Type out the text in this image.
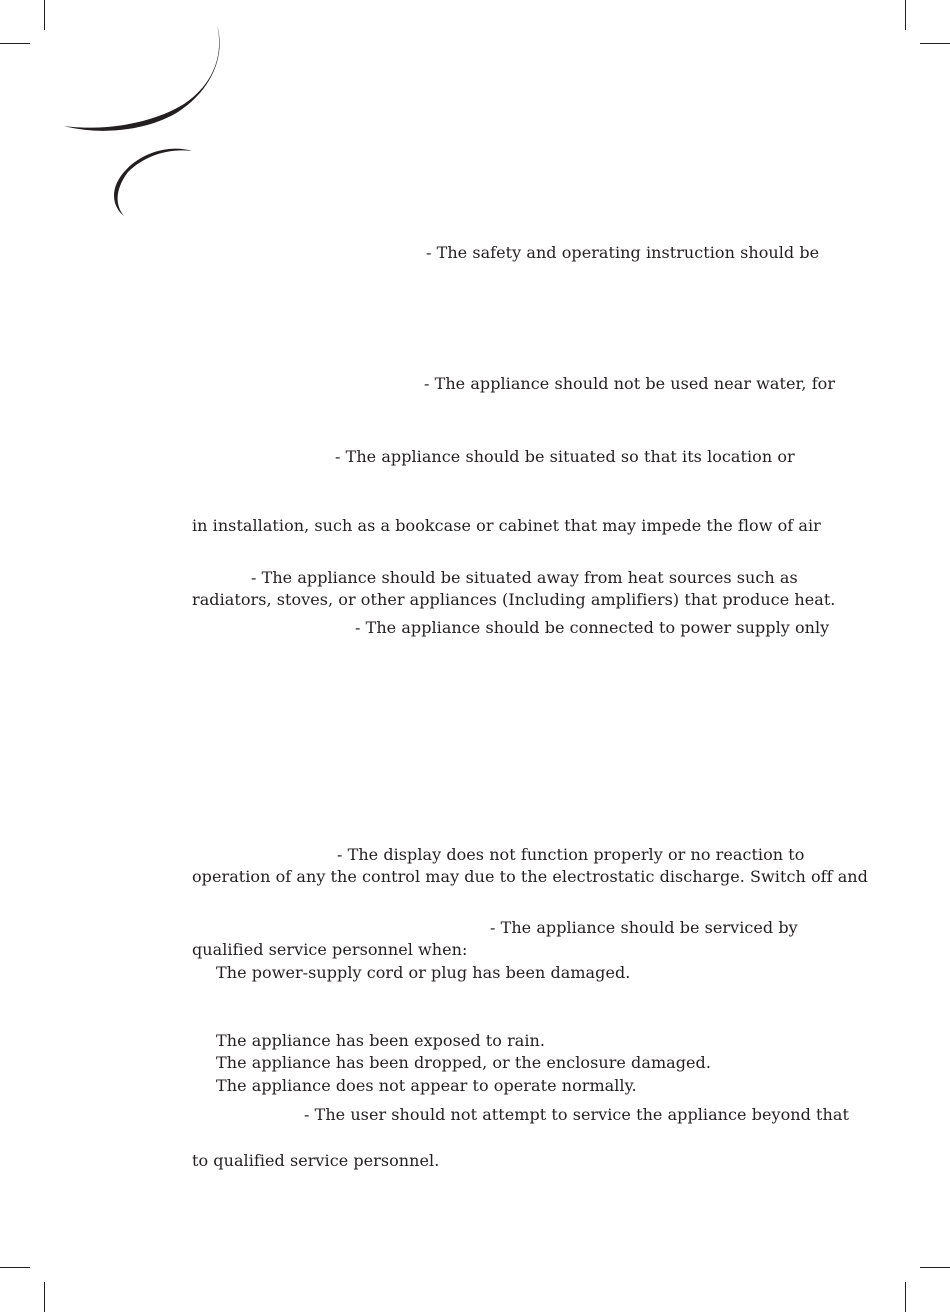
- The safety and operating instruction should be
- The appliance should not be used near water, for
- The appliance should be situated so that its location or
in installation, such as a bookcase or cabinet that may impede the flow of air
- The appliance should be situated away from heat sources such as
radiators, stoves, or other appliances (Including amplifiers) that produce heat.
- The appliance should be connected to power supply only
- The display does not function properly or no reaction to
operation of any the control may due to the electrostatic discharge. Switch off and
- The appliance should be serviced by
qualified service personnel when:
The power-supply cord or plug has been damaged.
The appliance has been exposed to rain.
The appliance has been dropped, or the enclosure damaged.
The appliance does not appear to operate normally.
- The user should not attempt to service the appliance beyond that
to qualified service personnel.
